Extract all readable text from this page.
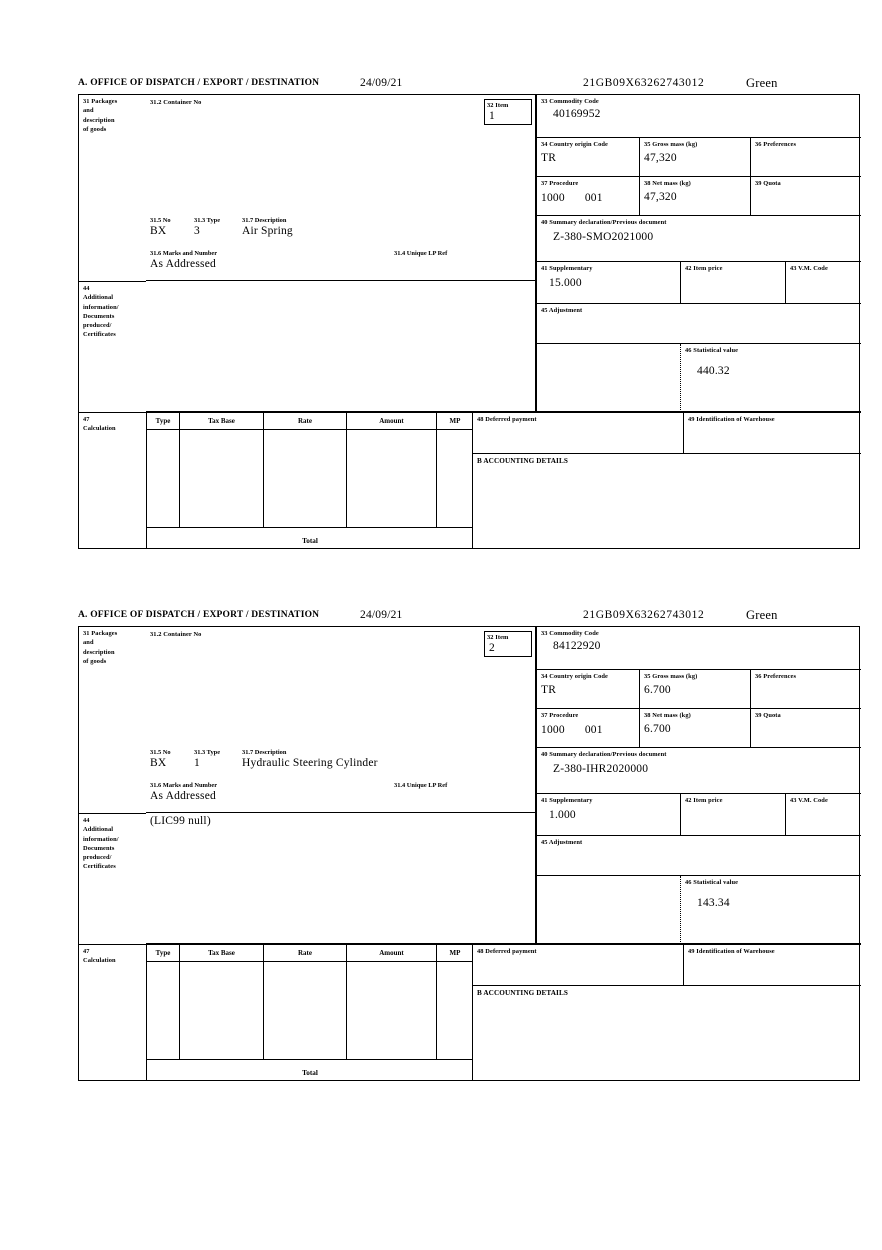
A. OFFICE OF DISPATCH / EXPORT / DESTINATION	24/09/21	21GB09X63262743012	Green
31 Packages
and
description
of goods
31.2 Container No
31.5 No	31.3 Type	31.7 Description
BX 3	Air Spring
31.6 Marks and Number	31.4 Unique LP Ref
As Addressed
32 Item
1
44
Additional
information/
Documents
produced/
Certificates
33 Commodity Code
40169952
34 Country origin Code
TR
35 Gross mass (kg)
47,320
36 Preferences
37 Procedure
1000 001
38 Net mass (kg)
47,320
39 Quota
40 Summary declaration/Previous document
Z-380-SMO2021000
41 Supplementary
15.000
42 Item price	43 V.M. Code
45 Adjustment
46 Statistical value
440.32
47
Calculation
Type	Tax Base	Rate	Amount	MP
Total
48 Deferred payment	49 Identification of Warehouse
B ACCOUNTING DETAILS
A. OFFICE OF DISPATCH / EXPORT / DESTINATION	24/09/21	21GB09X63262743012	Green
31 Packages
and
description
of goods
31.2 Container No
31.5 No	31.3 Type	31.7 Description
BX 1	Hydraulic Steering Cylinder
31.6 Marks and Number	31.4 Unique LP Ref
As Addressed
32 Item
2
44
Additional
information/
Documents
produced/
Certificates
(LIC99 null)
33 Commodity Code
84122920
34 Country origin Code
TR
35 Gross mass (kg)
6.700
36 Preferences
37 Procedure
1000 001
38 Net mass (kg)
6.700
39 Quota
40 Summary declaration/Previous document
Z-380-IHR2020000
41 Supplementary
1.000
42 Item price	43 V.M. Code
45 Adjustment
46 Statistical value
143.34
47
Calculation
Type	Tax Base	Rate	Amount	MP
Total
48 Deferred payment	49 Identification of Warehouse
B ACCOUNTING DETAILS
